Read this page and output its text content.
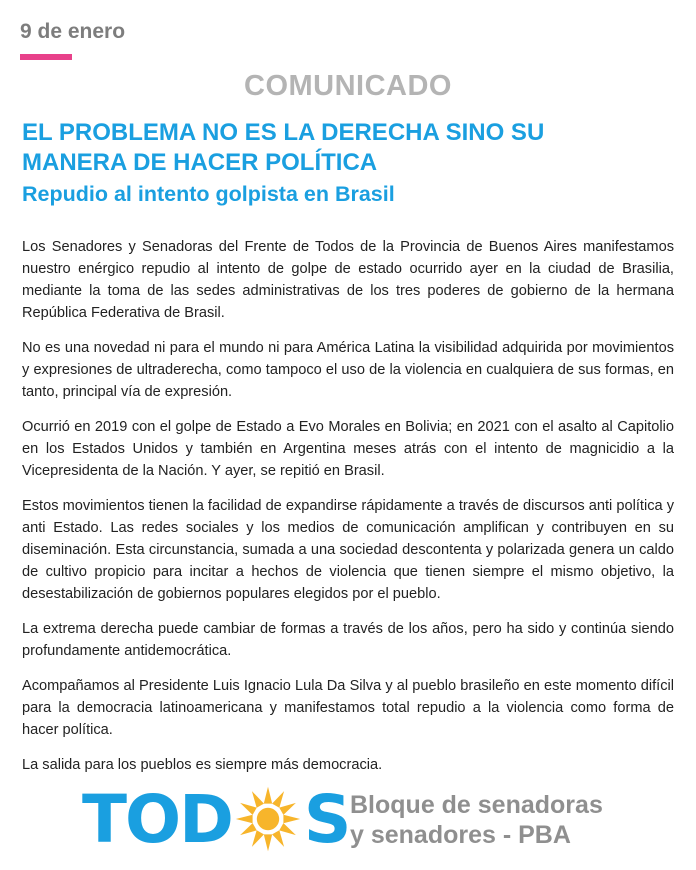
9 de enero
COMUNICADO
EL PROBLEMA NO ES LA DERECHA SINO SU
MANERA DE HACER POLÍTICA
Repudio al intento golpista en Brasil

Los Senadores y Senadoras del Frente de Todos de la Provincia de Buenos Aires manifestamos nuestro enérgico repudio al intento de golpe de estado ocurrido ayer en la ciudad de Brasilia, mediante la toma de las sedes administrativas de los tres poderes de gobierno de la hermana República Federativa de Brasil.

No es una novedad ni para el mundo ni para América Latina la visibilidad adquirida por movimientos y expresiones de ultraderecha, como tampoco el uso de la violencia en cualquiera de sus formas, en tanto, principal vía de expresión.

Ocurrió en 2019 con el golpe de Estado a Evo Morales en Bolivia; en 2021 con el asalto al Capitolio en los Estados Unidos y también en Argentina meses atrás con el intento de magnicidio a la Vicepresidenta de la Nación. Y ayer, se repitió en Brasil.

Estos movimientos tienen la facilidad de expandirse rápidamente a través de discursos anti política y anti Estado. Las redes sociales y los medios de comunicación amplifican y contribuyen en su diseminación. Esta circunstancia, sumada a una sociedad descontenta y polarizada genera un caldo de cultivo propicio para incitar a hechos de violencia que tienen siempre el mismo objetivo, la desestabilización de gobiernos populares elegidos por el pueblo.

La extrema derecha puede cambiar de formas a través de los años, pero ha sido y continúa siendo profundamente antidemocrática.

Acompañamos al Presidente Luis Ignacio Lula Da Silva y al pueblo brasileño en este momento difícil para la democracia latinoamericana y manifestamos total repudio a la violencia como forma de hacer política.

La salida para los pueblos es siempre más democracia.

TOD S Bloque de senadoras
y senadores - PBA
